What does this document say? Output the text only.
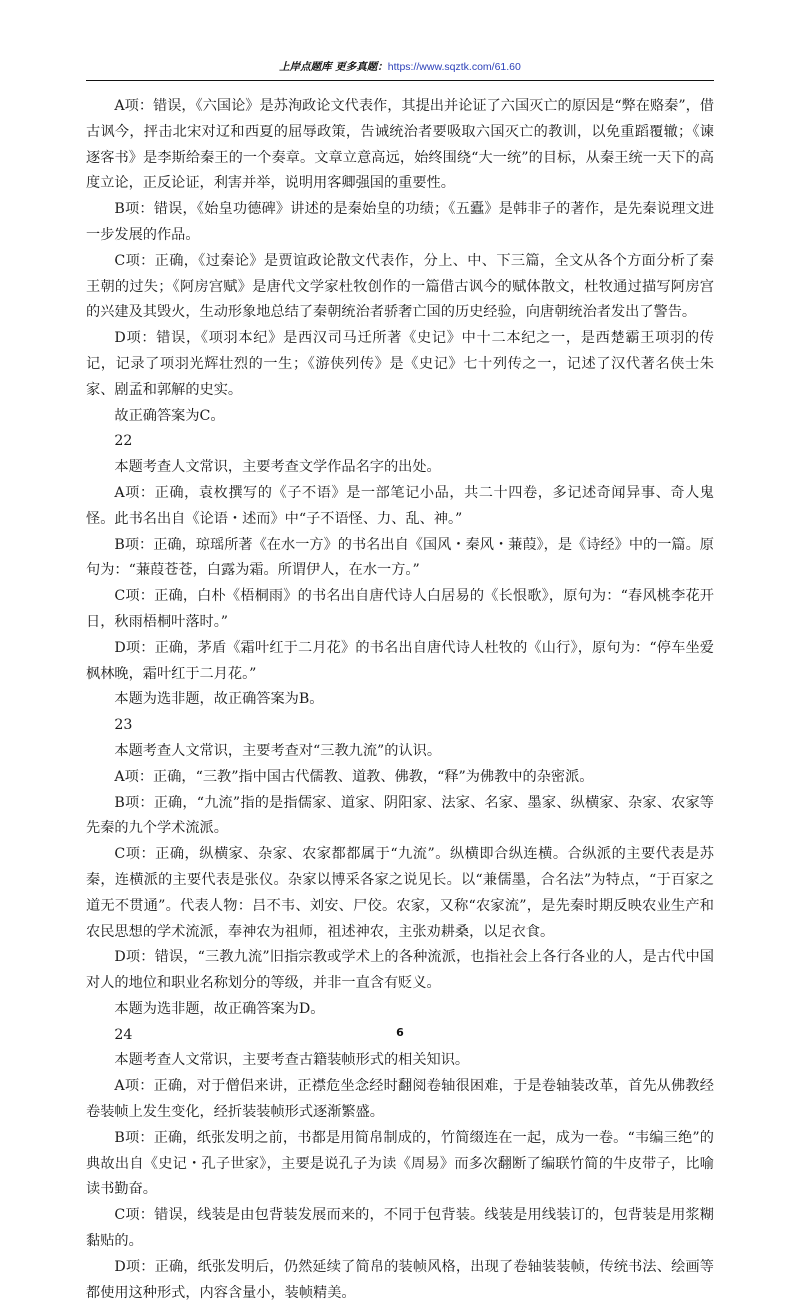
上岸点题库 更多真题：https://www.sqztk.com/61.60

A项：错误，《六国论》是苏洵政论文代表作，其提出并论证了六国灭亡的原因是“弊在赂秦”，借古讽今，抨击北宋对辽和西夏的屈辱政策，告诫统治者要吸取六国灭亡的教训，以免重蹈覆辙；《谏逐客书》是李斯给秦王的一个奏章。文章立意高远，始终围绕“大一统”的目标，从秦王统一天下的高度立论，正反论证，利害并举，说明用客卿强国的重要性。

B项：错误，《始皇功德碑》讲述的是秦始皇的功绩；《五蠹》是韩非子的著作，是先秦说理文进一步发展的作品。

C项：正确，《过秦论》是贾谊政论散文代表作，分上、中、下三篇，全文从各个方面分析了秦王朝的过失；《阿房宫赋》是唐代文学家杜牧创作的一篇借古讽今的赋体散文，杜牧通过描写阿房宫的兴建及其毁火，生动形象地总结了秦朝统治者骄奢亡国的历史经验，向唐朝统治者发出了警告。

D项：错误，《项羽本纪》是西汉司马迁所著《史记》中十二本纪之一，是西楚霸王项羽的传记，记录了项羽光辉壮烈的一生；《游侠列传》是《史记》七十列传之一，记述了汉代著名侠士朱家、剧孟和郭解的史实。

故正确答案为C。

22

本题考查人文常识，主要考查文学作品名字的出处。

A项：正确，袁枚撰写的《子不语》是一部笔记小品，共二十四卷，多记述奇闻异事、奇人鬼怪。此书名出自《论语・述而》中“子不语怪、力、乱、神。”

B项：正确，琼瑶所著《在水一方》的书名出自《国风・秦风・蒹葭》，是《诗经》中的一篇。原句为：“蒹葭苍苍，白露为霜。所谓伊人，在水一方。”

C项：正确，白朴《梧桐雨》的书名出自唐代诗人白居易的《长恨歌》，原句为：“春风桃李花开日，秋雨梧桐叶落时。”

D项：正确，茅盾《霜叶红于二月花》的书名出自唐代诗人杜牧的《山行》，原句为：“停车坐爱枫林晚，霜叶红于二月花。”

本题为选非题，故正确答案为B。

23

本题考查人文常识，主要考查对“三教九流”的认识。

A项：正确，“三教”指中国古代儒教、道教、佛教，“释”为佛教中的杂密派。

B项：正确，“九流”指的是指儒家、道家、阴阳家、法家、名家、墨家、纵横家、杂家、农家等先秦的九个学术流派。

C项：正确，纵横家、杂家、农家都都属于“九流”。纵横即合纵连横。合纵派的主要代表是苏秦，连横派的主要代表是张仪。杂家以博采各家之说见长。以“兼儒墨，合名法”为特点，“于百家之道无不贯通”。代表人物：吕不韦、刘安、尸佼。农家，又称“农家流”，是先秦时期反映农业生产和农民思想的学术流派，奉神农为祖师，祖述神农，主张劝耕桑，以足衣食。

D项：错误，“三教九流”旧指宗教或学术上的各种流派，也指社会上各行各业的人，是古代中国对人的地位和职业名称划分的等级，并非一直含有贬义。

本题为选非题，故正确答案为D。

24

本题考查人文常识，主要考查古籍装帧形式的相关知识。

A项：正确，对于僧侣来讲，正襟危坐念经时翻阅卷轴很困难，于是卷轴装改革，首先从佛教经卷装帧上发生变化，经折装装帧形式逐渐繁盛。

B项：正确，纸张发明之前，书都是用简帛制成的，竹简缀连在一起，成为一卷。“韦编三绝”的典故出自《史记・孔子世家》，主要是说孔子为读《周易》而多次翻断了编联竹简的牛皮带子，比喻读书勤奋。

C项：错误，线装是由包背装发展而来的，不同于包背装。线装是用线装订的，包背装是用浆糊黏贴的。

D项：正确，纸张发明后，仍然延续了简帛的装帧风格，出现了卷轴装装帧，传统书法、绘画等都使用这种形式，内容含量小，装帧精美。

6
